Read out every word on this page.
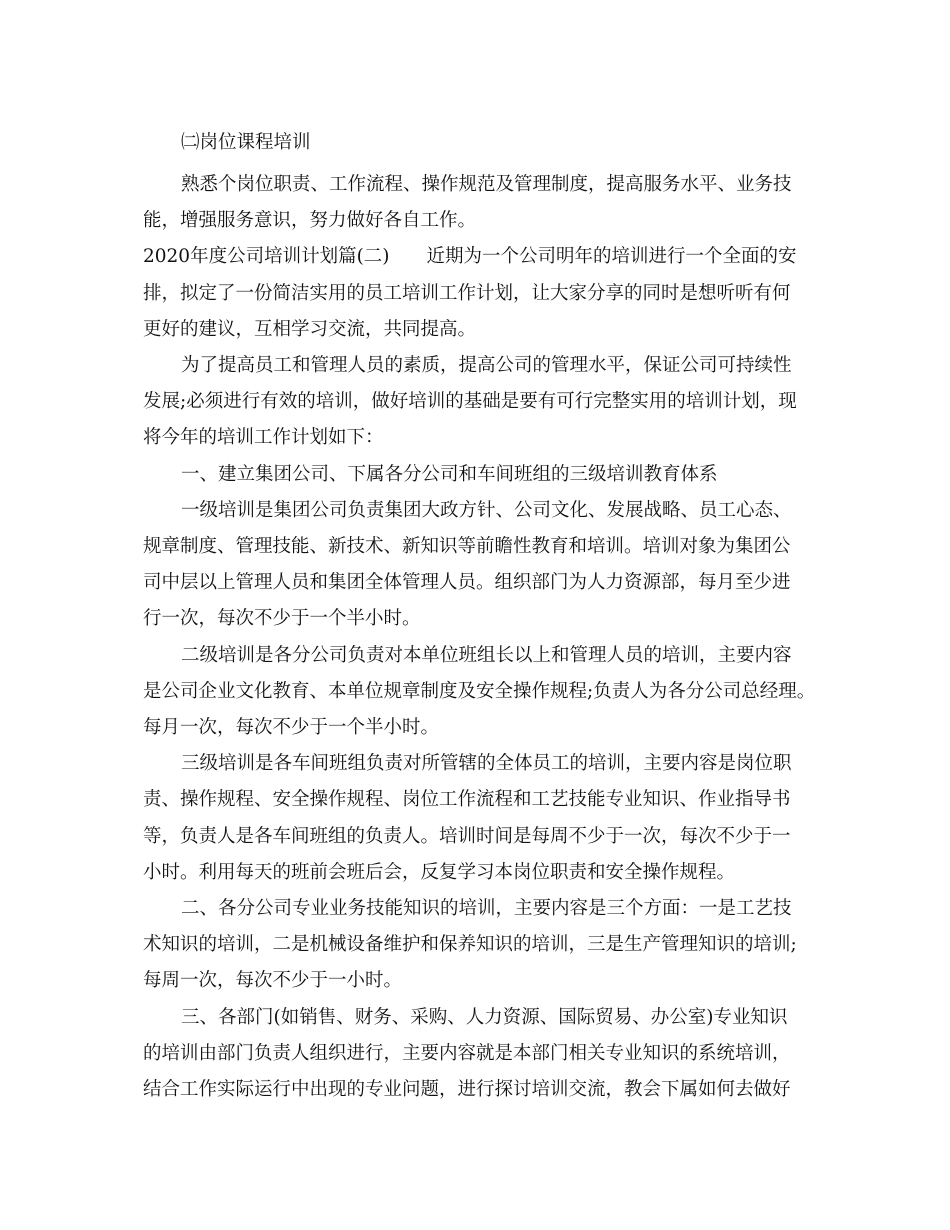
㈡岗位课程培训
熟悉个岗位职责、工作流程、操作规范及管理制度，提高服务水平、业务技
能，增强服务意识，努力做好各自工作。
2020年度公司培训计划篇(二)　　近期为一个公司明年的培训进行一个全面的安
排，拟定了一份简洁实用的员工培训工作计划，让大家分享的同时是想听听有何
更好的建议，互相学习交流，共同提高。
为了提高员工和管理人员的素质，提高公司的管理水平，保证公司可持续性
发展;必须进行有效的培训，做好培训的基础是要有可行完整实用的培训计划，现
将今年的培训工作计划如下：
一、建立集团公司、下属各分公司和车间班组的三级培训教育体系
一级培训是集团公司负责集团大政方针、公司文化、发展战略、员工心态、
规章制度、管理技能、新技术、新知识等前瞻性教育和培训。培训对象为集团公
司中层以上管理人员和集团全体管理人员。组织部门为人力资源部，每月至少进
行一次，每次不少于一个半小时。
二级培训是各分公司负责对本单位班组长以上和管理人员的培训，主要内容
是公司企业文化教育、本单位规章制度及安全操作规程;负责人为各分公司总经理。
每月一次，每次不少于一个半小时。
三级培训是各车间班组负责对所管辖的全体员工的培训，主要内容是岗位职
责、操作规程、安全操作规程、岗位工作流程和工艺技能专业知识、作业指导书
等，负责人是各车间班组的负责人。培训时间是每周不少于一次，每次不少于一
小时。利用每天的班前会班后会，反复学习本岗位职责和安全操作规程。
二、各分公司专业业务技能知识的培训，主要内容是三个方面：一是工艺技
术知识的培训，二是机械设备维护和保养知识的培训，三是生产管理知识的培训;
每周一次，每次不少于一小时。
三、各部门(如销售、财务、采购、人力资源、国际贸易、办公室)专业知识
的培训由部门负责人组织进行，主要内容就是本部门相关专业知识的系统培训，
结合工作实际运行中出现的专业问题，进行探讨培训交流，教会下属如何去做好
